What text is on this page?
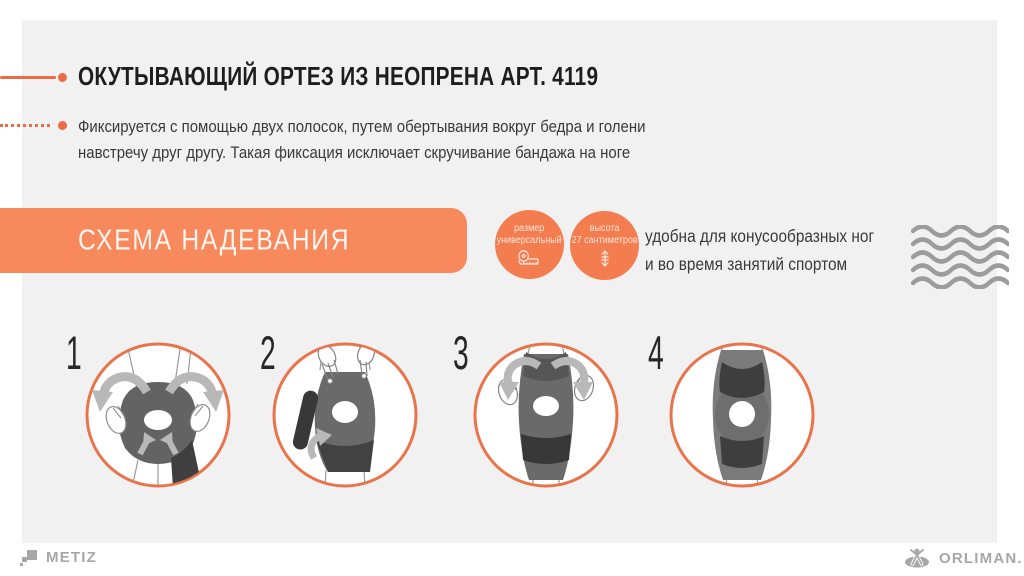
ОКУТЫВАЮЩИЙ ОРТЕЗ ИЗ НЕОПРЕНА АРТ. 4119
Фиксируется с помощью двух полосок, путем обертывания вокруг бедра и голени
навстречу друг другу. Такая фиксация исключает скручивание бандажа на ноге
СХЕМА НАДЕВАНИЯ	размер
универсальный
высота
27 сантиметров удобна для конусообразных ног
и во время занятий спортом
1	2	3	4
METIZ	ORLIMAN.
